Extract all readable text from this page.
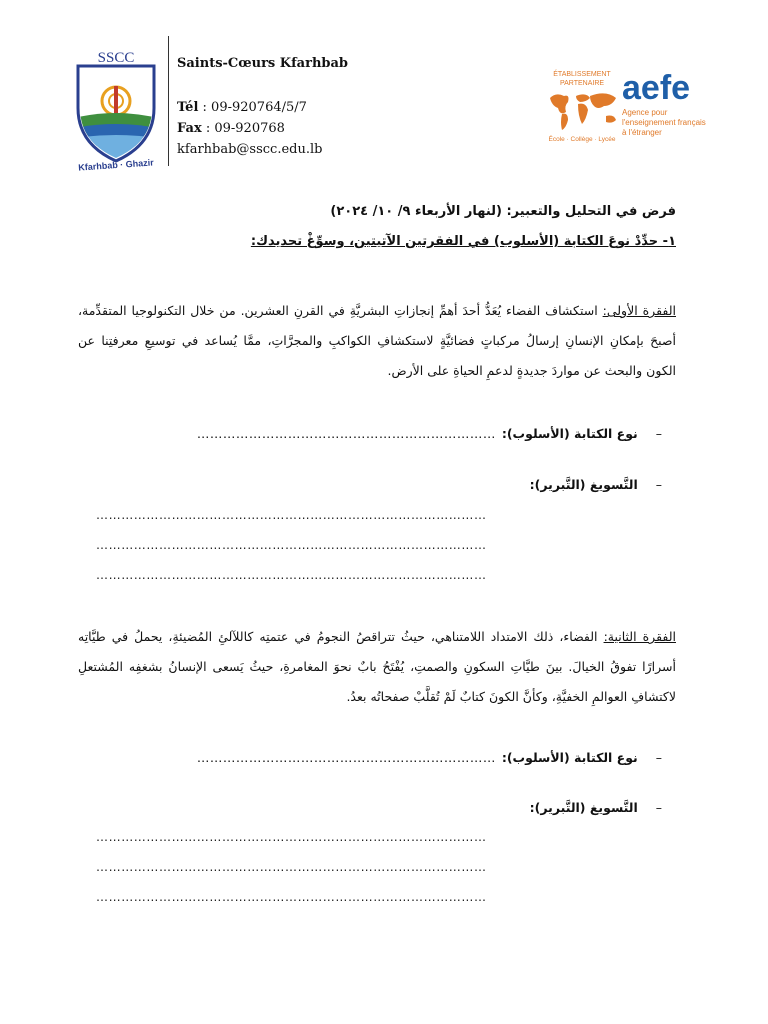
SSCC
Kfarhbab · Ghazir
Saints-Cœurs Kfarhbab
Tél : 09-920764/5/7
Fax : 09-920768
kfarhbab@sscc.edu.lb
ÉTABLISSEMENT
PARTENAIRE
École · Collège · Lycée
aefe
Agence pour
l'enseignement français
à l'étranger
فرض في التحليل والتعبير: (لنهار الأربعاء ٩/ ١٠/ ٢٠٢٤)
١- حدِّدْ نوعَ الكتابة (الأسلوب) في الفقرتين الآتيتين، وسوِّغْ تحديدك:
الفقرة الأولى: استكشاف الفضاء يُعَدُّ أحدَ أهمِّ إنجازاتِ البشريَّةِ في القرنِ العشرين. من خلال التكنولوجيا المتقدِّمة، أصبحَ بإمكانِ الإنسانِ إرسالُ مركباتٍ فضائيَّةٍ لاستكشافِ الكواكبِ والمجرَّاتِ، ممَّا يُساعد في توسيعِ معرفتِنا عن الكون والبحث عن مواردَ جديدةٍ لدعمِ الحياةِ على الأرض.
–
نوع الكتابة (الأسلوب):
……………………………………………………………
–
التَّسويغ (التَّبرير):
…………………………………………………………………………………
…………………………………………………………………………………
…………………………………………………………………………………
الفقرة الثانية: الفضاء، ذلك الامتداد اللامتناهي، حيثُ تتراقصُ النجومُ في عتمتِه كاللآلئِ المُضيئةِ، يحملُ في طيَّاتِه أسرارًا تفوقُ الخيالَ. بينَ طيَّاتِ السكونِ والصمتِ، يُفْتَحُ بابٌ نحوَ المغامرةِ، حيثُ يَسعى الإنسانُ بشغفِه المُشتعلِ لاكتشافِ العوالمِ الخفيَّةِ، وكأنَّ الكونَ كتابٌ لَمْ تُقلَّبْ صفحاتُه بعدُ.
–
نوع الكتابة (الأسلوب):
……………………………………………………………
–
التَّسويغ (التَّبرير):
…………………………………………………………………………………
…………………………………………………………………………………
…………………………………………………………………………………
